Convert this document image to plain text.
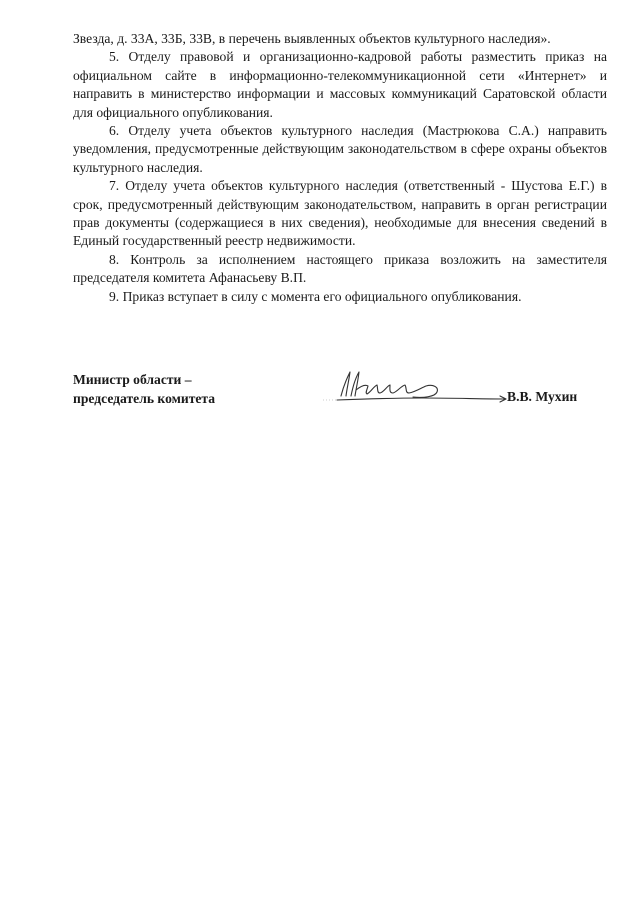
Звезда, д. 33А, 33Б, 33В, в перечень выявленных объектов культурного наследия».

5. Отделу правовой и организационно-кадровой работы разместить приказ на официальном сайте в информационно-телекоммуникационной сети «Интернет» и направить в министерство информации и массовых коммуникаций Саратовской области для официального опубликования.

6. Отделу учета объектов культурного наследия (Мастрюкова С.А.) направить уведомления, предусмотренные действующим законодательством в сфере охраны объектов культурного наследия.

7. Отделу учета объектов культурного наследия (ответственный - Шустова Е.Г.) в срок, предусмотренный действующим законодательством, направить в орган регистрации прав документы (содержащиеся в них сведения), необходимые для внесения сведений в Единый государственный реестр недвижимости.

8. Контроль за исполнением настоящего приказа возложить на заместителя председателя комитета Афанасьеву В.П.

9. Приказ вступает в силу с момента его официального опубликования.

Министр области –
председатель комитета	В.В. Мухин
